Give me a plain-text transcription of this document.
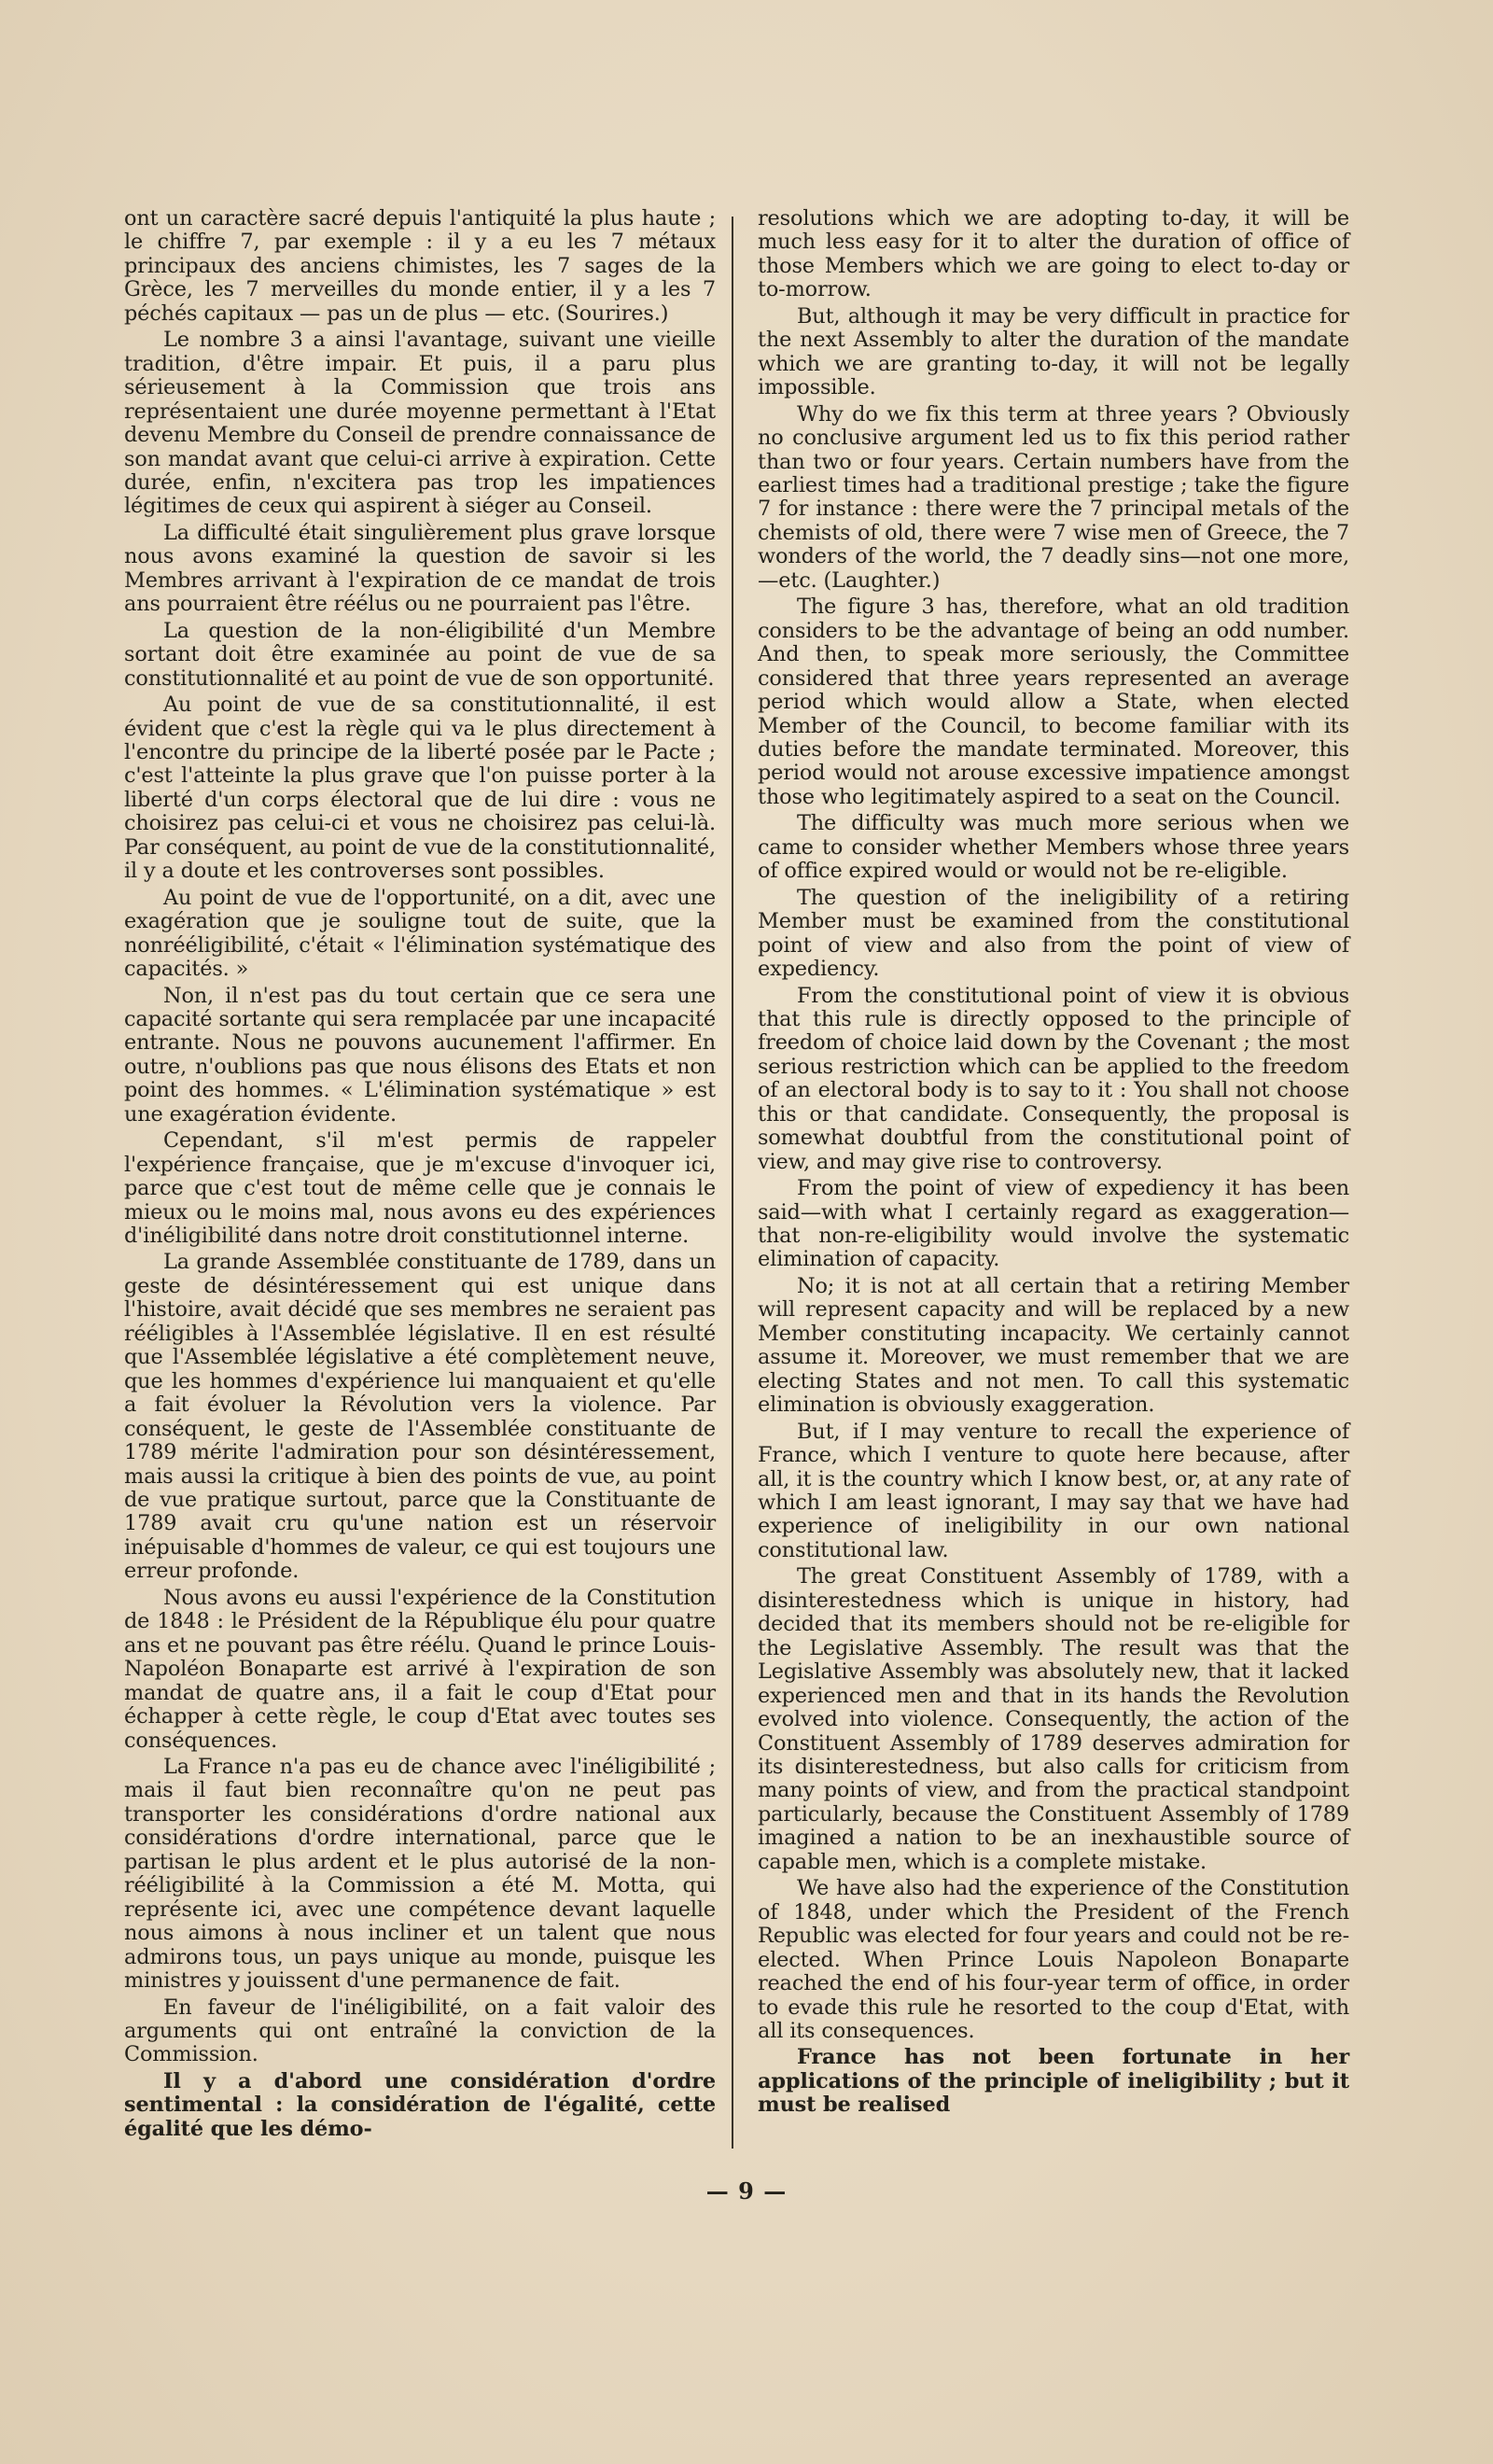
ont un caractère sacré depuis l'antiquité la plus haute ; le chiffre 7, par exemple : il y a eu les 7 métaux principaux des anciens chimistes, les 7 sages de la Grèce, les 7 merveilles du monde entier, il y a les 7 péchés capitaux — pas un de plus — etc. (Sourires.)

Le nombre 3 a ainsi l'avantage, suivant une vieille tradition, d'être impair. Et puis, il a paru plus sérieusement à la Commission que trois ans représentaient une durée moyenne permettant à l'Etat devenu Membre du Conseil de prendre connaissance de son mandat avant que celui-ci arrive à expiration. Cette durée, enfin, n'excitera pas trop les impatiences légitimes de ceux qui aspirent à siéger au Conseil.

La difficulté était singulièrement plus grave lorsque nous avons examiné la question de savoir si les Membres arrivant à l'expiration de ce mandat de trois ans pourraient être réélus ou ne pourraient pas l'être.

La question de la non-éligibilité d'un Membre sortant doit être examinée au point de vue de sa constitutionnalité et au point de vue de son opportunité.

Au point de vue de sa constitutionnalité, il est évident que c'est la règle qui va le plus directement à l'encontre du principe de la liberté posée par le Pacte ; c'est l'atteinte la plus grave que l'on puisse porter à la liberté d'un corps électoral que de lui dire : vous ne choisirez pas celui-ci et vous ne choisirez pas celui-là. Par conséquent, au point de vue de la constitutionnalité, il y a doute et les controverses sont possibles.

Au point de vue de l'opportunité, on a dit, avec une exagération que je souligne tout de suite, que la nonrééligibilité, c'était « l'élimination systématique des capacités. »

Non, il n'est pas du tout certain que ce sera une capacité sortante qui sera remplacée par une incapacité entrante. Nous ne pouvons aucunement l'affirmer. En outre, n'oublions pas que nous élisons des Etats et non point des hommes. « L'élimination systématique » est une exagération évidente.

Cependant, s'il m'est permis de rappeler l'expérience française, que je m'excuse d'invoquer ici, parce que c'est tout de même celle que je connais le mieux ou le moins mal, nous avons eu des expériences d'inéligibilité dans notre droit constitutionnel interne.

La grande Assemblée constituante de 1789, dans un geste de désintéressement qui est unique dans l'histoire, avait décidé que ses membres ne seraient pas rééligibles à l'Assemblée législative. Il en est résulté que l'Assemblée législative a été complètement neuve, que les hommes d'expérience lui manquaient et qu'elle a fait évoluer la Révolution vers la violence. Par conséquent, le geste de l'Assemblée constituante de 1789 mérite l'admiration pour son désintéressement, mais aussi la critique à bien des points de vue, au point de vue pratique surtout, parce que la Constituante de 1789 avait cru qu'une nation est un réservoir inépuisable d'hommes de valeur, ce qui est toujours une erreur profonde.

Nous avons eu aussi l'expérience de la Constitution de 1848 : le Président de la République élu pour quatre ans et ne pouvant pas être réélu. Quand le prince Louis-Napoléon Bonaparte est arrivé à l'expiration de son mandat de quatre ans, il a fait le coup d'Etat pour échapper à cette règle, le coup d'Etat avec toutes ses conséquences.

La France n'a pas eu de chance avec l'inéligibilité ; mais il faut bien reconnaître qu'on ne peut pas transporter les considérations d'ordre national aux considérations d'ordre international, parce que le partisan le plus ardent et le plus autorisé de la non-rééligibilité à la Commission a été M. Motta, qui représente ici, avec une compétence devant laquelle nous aimons à nous incliner et un talent que nous admirons tous, un pays unique au monde, puisque les ministres y jouissent d'une permanence de fait.

En faveur de l'inéligibilité, on a fait valoir des arguments qui ont entraîné la conviction de la Commission.

Il y a d'abord une considération d'ordre sentimental : la considération de l'égalité, cette égalité que les démo-

resolutions which we are adopting to-day, it will be much less easy for it to alter the duration of office of those Members which we are going to elect to-day or to-morrow.

But, although it may be very difficult in practice for the next Assembly to alter the duration of the mandate which we are granting to-day, it will not be legally impossible.

Why do we fix this term at three years ? Obviously no conclusive argument led us to fix this period rather than two or four years. Certain numbers have from the earliest times had a traditional prestige ; take the figure 7 for instance : there were the 7 principal metals of the chemists of old, there were 7 wise men of Greece, the 7 wonders of the world, the 7 deadly sins—not one more,—etc. (Laughter.)

The figure 3 has, therefore, what an old tradition considers to be the advantage of being an odd number. And then, to speak more seriously, the Committee considered that three years represented an average period which would allow a State, when elected Member of the Council, to become familiar with its duties before the mandate terminated. Moreover, this period would not arouse excessive impatience amongst those who legitimately aspired to a seat on the Council.

The difficulty was much more serious when we came to consider whether Members whose three years of office expired would or would not be re-eligible.

The question of the ineligibility of a retiring Member must be examined from the constitutional point of view and also from the point of view of expediency.

From the constitutional point of view it is obvious that this rule is directly opposed to the principle of freedom of choice laid down by the Covenant ; the most serious restriction which can be applied to the freedom of an electoral body is to say to it : You shall not choose this or that candidate. Consequently, the proposal is somewhat doubtful from the constitutional point of view, and may give rise to controversy.

From the point of view of expediency it has been said—with what I certainly regard as exaggeration—that non-re-eligibility would involve the systematic elimination of capacity.

No; it is not at all certain that a retiring Member will represent capacity and will be replaced by a new Member constituting incapacity. We certainly cannot assume it. Moreover, we must remember that we are electing States and not men. To call this systematic elimination is obviously exaggeration.

But, if I may venture to recall the experience of France, which I venture to quote here because, after all, it is the country which I know best, or, at any rate of which I am least ignorant, I may say that we have had experience of ineligibility in our own national constitutional law.

The great Constituent Assembly of 1789, with a disinterestedness which is unique in history, had decided that its members should not be re-eligible for the Legislative Assembly. The result was that the Legislative Assembly was absolutely new, that it lacked experienced men and that in its hands the Revolution evolved into violence. Consequently, the action of the Constituent Assembly of 1789 deserves admiration for its disinterestedness, but also calls for criticism from many points of view, and from the practical standpoint particularly, because the Constituent Assembly of 1789 imagined a nation to be an inexhaustible source of capable men, which is a complete mistake.

We have also had the experience of the Constitution of 1848, under which the President of the French Republic was elected for four years and could not be re-elected. When Prince Louis Napoleon Bonaparte reached the end of his four-year term of office, in order to evade this rule he resorted to the coup d'Etat, with all its consequences.

France has not been fortunate in her applications of the principle of ineligibility ; but it must be realised

— 9 —
